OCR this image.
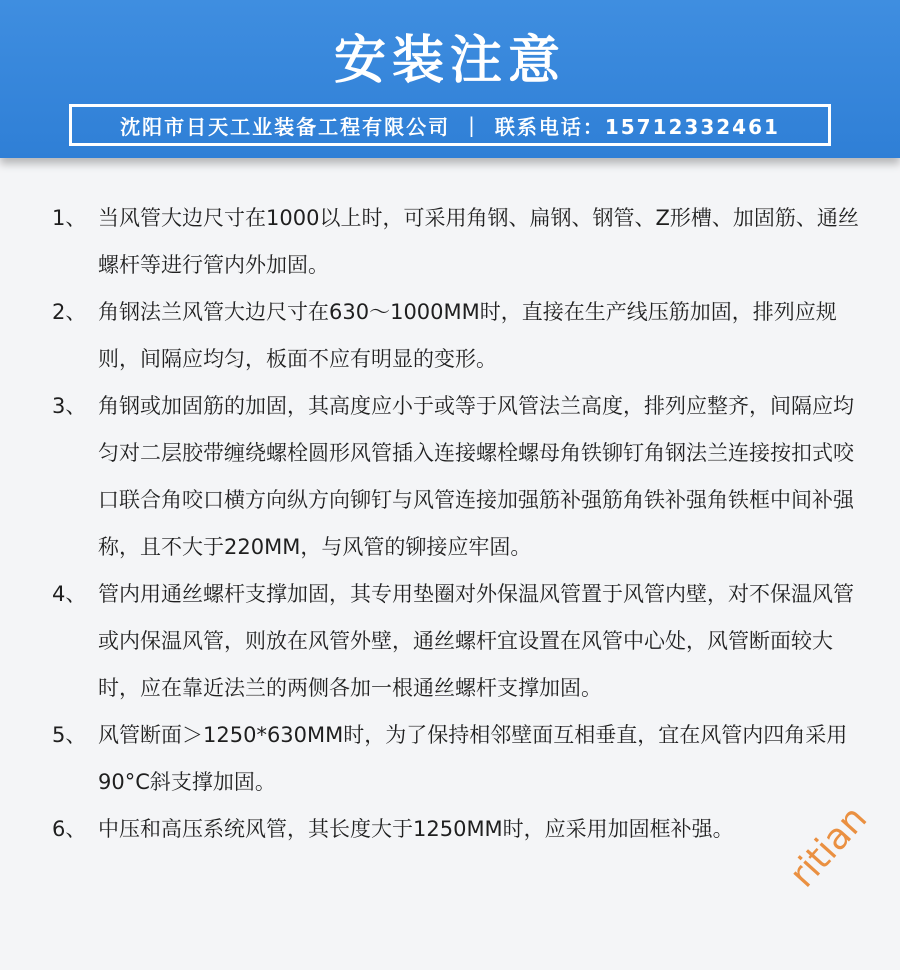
安装注意
沈阳市日天工业装备工程有限公司 | 联系电话：15712332461
1、 当风管大边尺寸在1000以上时，可采用角钢、扁钢、钢管、Z形槽、加固筋、通丝螺杆等进行管内外加固。
2、 角钢法兰风管大边尺寸在630～1000MM时，直接在生产线压筋加固，排列应规则，间隔应均匀，板面不应有明显的变形。
3、 角钢或加固筋的加固，其高度应小于或等于风管法兰高度，排列应整齐，间隔应均匀对二层胶带缠绕螺栓圆形风管插入连接螺栓螺母角铁铆钉角钢法兰连接按扣式咬口联合角咬口横方向纵方向铆钉与风管连接加强筋补强筋角铁补强角铁框中间补强称，且不大于220MM，与风管的铆接应牢固。
4、 管内用通丝螺杆支撑加固，其专用垫圈对外保温风管置于风管内壁，对不保温风管或内保温风管，则放在风管外壁，通丝螺杆宜设置在风管中心处，风管断面较大时，应在靠近法兰的两侧各加一根通丝螺杆支撑加固。
5、 风管断面＞1250*630MM时，为了保持相邻壁面互相垂直，宜在风管内四角采用90°C斜支撑加固。
6、 中压和高压系统风管，其长度大于1250MM时，应采用加固框补强。	ritian
